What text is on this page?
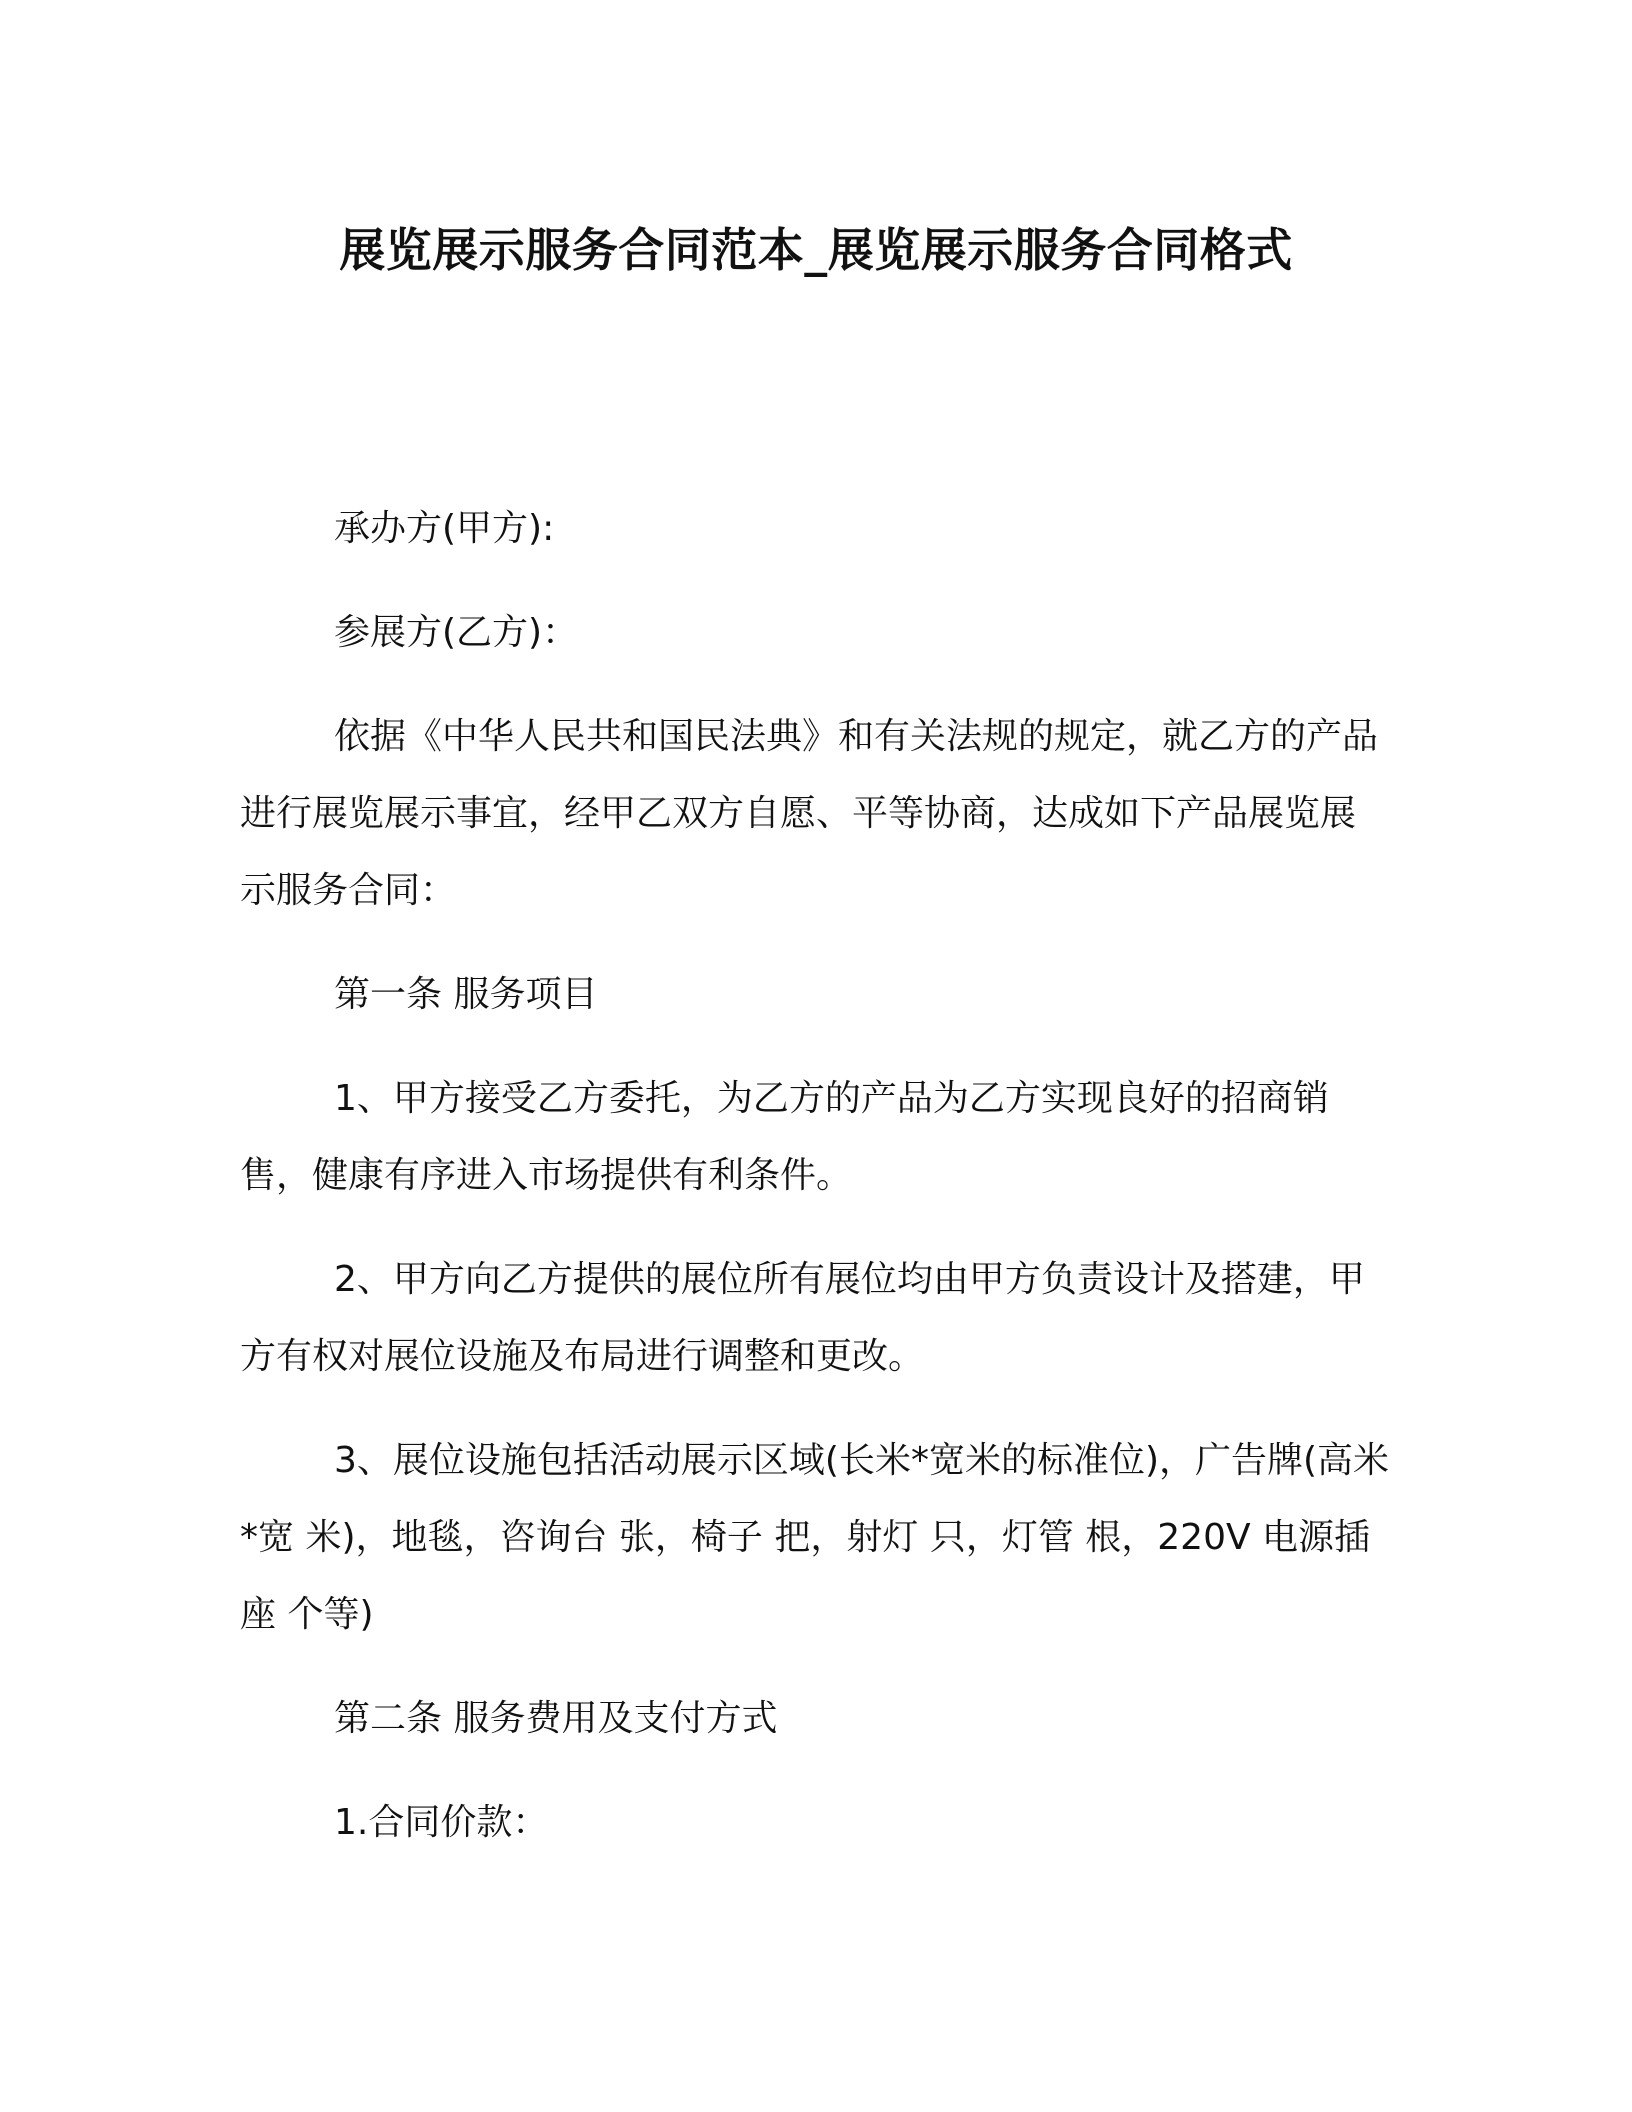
展览展示服务合同范本_展览展示服务合同格式

承办方(甲方):

参展方(乙方)：

依据《中华人民共和国民法典》和有关法规的规定，就乙方的产品进行展览展示事宜，经甲乙双方自愿、平等协商，达成如下产品展览展示服务合同：

第一条 服务项目

1、甲方接受乙方委托，为乙方的产品为乙方实现良好的招商销售，健康有序进入市场提供有利条件。

2、甲方向乙方提供的展位所有展位均由甲方负责设计及搭建，甲方有权对展位设施及布局进行调整和更改。

3、展位设施包括活动展示区域(长米*宽米的标准位)，广告牌(高米*宽 米)，地毯，咨询台 张，椅子 把，射灯 只，灯管 根，220V 电源插座 个等)

第二条 服务费用及支付方式

1.合同价款：
